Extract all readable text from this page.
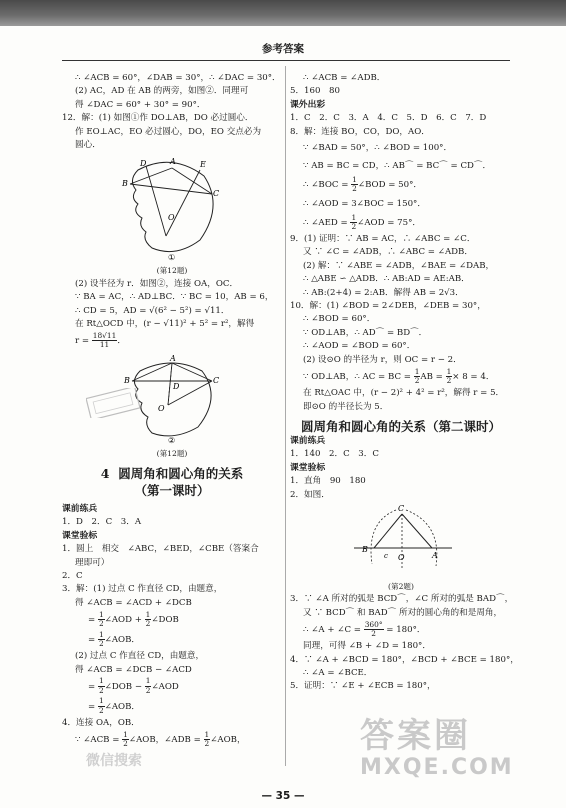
参考答案
∴ ∠ACB = 60°，∠DAB = 30°，∴ ∠DAC = 30°．
(2) AC，AD 在 AB 的两旁，如图②．同理可
得 ∠DAC = 60° + 30° = 90°．
12．解：(1) 如图①作 DO⊥AB，DO 必过圆心．
作 EO⊥AC，EO 必过圆心，DO，EO 交点必为
圆心．
D	A	E
B
C
O
①
(第12题)
(2) 设半径为 r．如图②，连接 OA，OC．
∵ BA = AC，∴ AD⊥BC．∵ BC = 10，AB = 6，
∴ CD = 5，AD = √(6² − 5²) = √11．
在 Rt△OCD 中，(r − √11)² + 5² = r²，解得
$r = \frac{18√11}{11}$ ．
A
B
D
C
O
②
(第12题)
4 圆周角和圆心角的关系
（第一课时）
课前练兵
1．D　2．C　3．A
课堂验标
1．圆上　相交　∠ABC，∠BED，∠CBE（答案合
理即可）
2．C
3．解：(1) 过点 C 作直径 CD，由题意，
得 ∠ACB = ∠ACD + ∠DCB
= $\frac{1}{2}$ ∠AOD + $\frac{1}{2}$ ∠DOB
= $\frac{1}{2}$ ∠AOB．
(2) 过点 C 作直径 CD，由题意，
得 ∠ACB = ∠DCB − ∠ACD
= $\frac{1}{2}$ ∠DOB − $\frac{1}{2}$ ∠AOD
= $\frac{1}{2}$ ∠AOB．
4．连接 OA，OB．
∵ ∠ACB = $\frac{1}{2}$ ∠AOB，∠ADB = $\frac{1}{2}$ ∠AOB，
∴ ∠ACB = ∠ADB．
5．160　80
课外出彩
1．C　2．C　3．A　4．C　5．D　6．C　7．D
8．解：连接 BO，CO，DO，AO．
∵ ∠BAD = 50°，∴ ∠BOD = 100°．
∵ AB = BC = CD，∴ AB⌒ = BC⌒ = CD⌒．
∴ ∠BOC = $\frac{1}{2}$ ∠BOD = 50°．
∴ ∠AOD = 3∠BOC = 150°．
∴ ∠AED = $\frac{1}{2}$ ∠AOD = 75°．
9．(1) 证明：∵ AB = AC，∴ ∠ABC = ∠C．
又 ∵ ∠C = ∠ADB，∴ ∠ABC = ∠ADB．
(2) 解：∵ ∠ABE = ∠ADB，∠BAE = ∠DAB，
∴ △ABE ∽ △ADB．∴ AB:AD = AE:AB．
∴ AB:(2+4) = 2:AB．解得 AB = 2√3．
10．解：(1) ∠BOD = 2∠DEB，∠DEB = 30°，
∴ ∠BOD = 60°．
∵ OD⊥AB，∴ AD⌒ = BD⌒．
∴ ∠AOD = ∠BOD = 60°．
(2) 设⊙O 的半径为 r，则 OC = r − 2．
∵ OD⊥AB，∴ AC = BC = $\frac{1}{2}$ AB = $\frac{1}{2} \times 8 = 4$．
在 Rt△OAC 中，(r − 2)² + 4² = r²，解得 r = 5．
即⊙O 的半径长为 5．
圆周角和圆心角的关系（第二课时）
课前练兵
1．140　2．C　3．C
课堂验标
1．直角　90　180
2．如图．
C
B
c O	A
(第2题)
3．∵ ∠A 所对的弧是 BCD⌒，∠C 所对的弧是 BAD⌒，
又 ∵ BCD⌒ 和 BAD⌒ 所对的圆心角的和是周角，
∴ ∠A + ∠C = $\frac{360^\circ}{2} = 180^\circ$．
同理，可得 ∠B + ∠D = 180°．
4．∵ ∠A + ∠BCD = 180°，∠BCD + ∠BCE = 180°，
∴ ∠A = ∠BCE．
5．证明：∵ ∠E + ∠ECB = 180°，
微信搜索
答案圈
MXQE.COM
— 35 —
